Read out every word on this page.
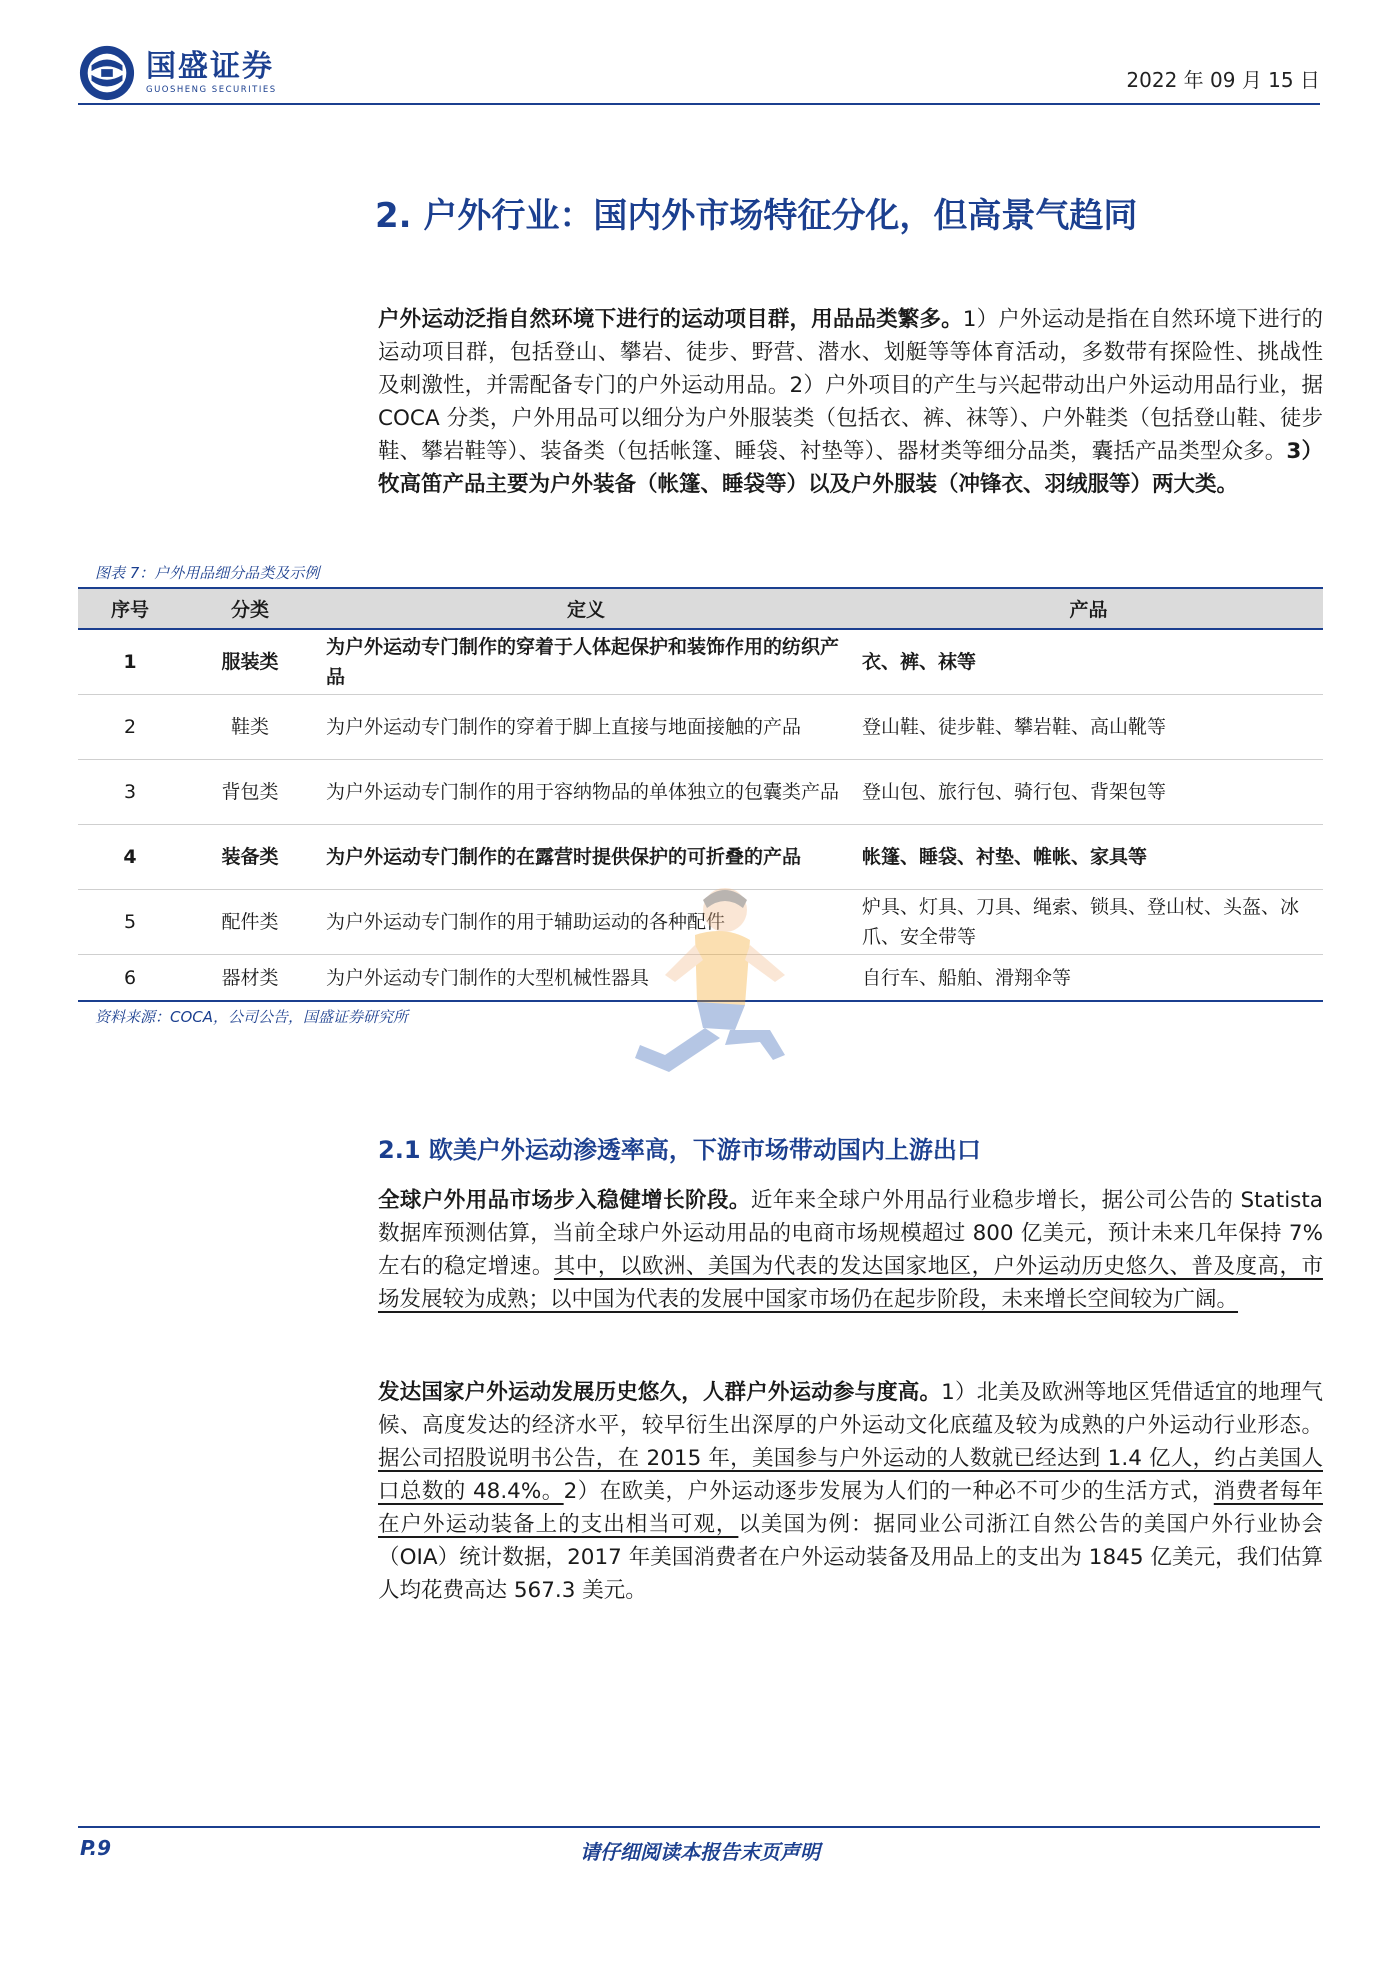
国盛证券
GUOSHENG SECURITIES	2022 年 09 月 15 日
2. 户外行业：国内外市场特征分化，但高景气趋同
户外运动泛指自然环境下进行的运动项目群，用品品类繁多。1）户外运动是指在自然环境下进行的运动项目群，包括登山、攀岩、徒步、野营、潜水、划艇等等体育活动，多数带有探险性、挑战性及刺激性，并需配备专门的户外运动用品。2）户外项目的产生与兴起带动出户外运动用品行业，据 COCA 分类，户外用品可以细分为户外服装类（包括衣、裤、袜等）、户外鞋类（包括登山鞋、徒步鞋、攀岩鞋等）、装备类（包括帐篷、睡袋、衬垫等）、器材类等细分品类，囊括产品类型众多。3）牧高笛产品主要为户外装备（帐篷、睡袋等）以及户外服装（冲锋衣、羽绒服等）两大类。
图表 7：户外用品细分品类及示例
序号	分类	定义	产品
1	服装类	为户外运动专门制作的穿着于人体起保护和装饰作用的纺织产品	衣、裤、袜等
2	鞋类	为户外运动专门制作的穿着于脚上直接与地面接触的产品	登山鞋、徒步鞋、攀岩鞋、高山靴等
3	背包类	为户外运动专门制作的用于容纳物品的单体独立的包囊类产品	登山包、旅行包、骑行包、背架包等
4	装备类	为户外运动专门制作的在露营时提供保护的可折叠的产品	帐篷、睡袋、衬垫、帷帐、家具等
5	配件类	为户外运动专门制作的用于辅助运动的各种配件	炉具、灯具、刀具、绳索、锁具、登山杖、头盔、冰爪、安全带等
6	器材类	为户外运动专门制作的大型机械性器具	自行车、船舶、滑翔伞等
资料来源：COCA，公司公告，国盛证券研究所
2.1 欧美户外运动渗透率高，下游市场带动国内上游出口
全球户外用品市场步入稳健增长阶段。近年来全球户外用品行业稳步增长，据公司公告的 Statista 数据库预测估算，当前全球户外运动用品的电商市场规模超过 800 亿美元，预计未来几年保持 7%左右的稳定增速。其中，以欧洲、美国为代表的发达国家地区，户外运动历史悠久、普及度高，市场发展较为成熟；以中国为代表的发展中国家市场仍在起步阶段，未来增长空间较为广阔。
发达国家户外运动发展历史悠久，人群户外运动参与度高。1）北美及欧洲等地区凭借适宜的地理气候、高度发达的经济水平，较早衍生出深厚的户外运动文化底蕴及较为成熟的户外运动行业形态。据公司招股说明书公告，在 2015 年，美国参与户外运动的人数就已经达到 1.4 亿人，约占美国人口总数的 48.4%。2）在欧美，户外运动逐步发展为人们的一种必不可少的生活方式，消费者每年在户外运动装备上的支出相当可观，以美国为例：据同业公司浙江自然公告的美国户外行业协会（OIA）统计数据，2017 年美国消费者在户外运动装备及用品上的支出为 1845 亿美元，我们估算人均花费高达 567.3 美元。
请仔细阅读本报告末页声明
P.9
